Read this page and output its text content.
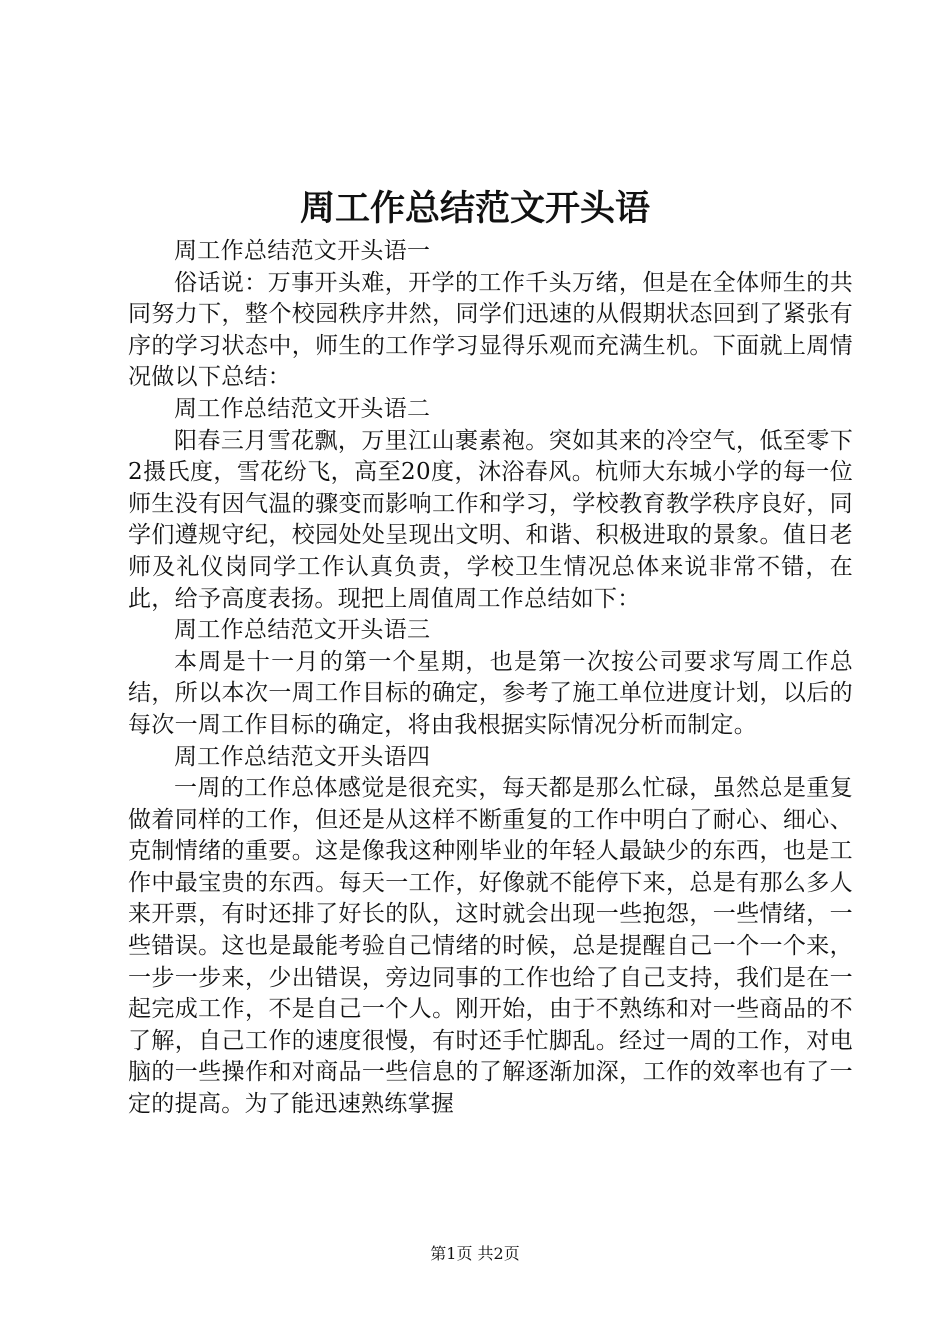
周工作总结范文开头语

周工作总结范文开头语一

俗话说：万事开头难，开学的工作千头万绪，但是在全体师生的共同努力下，整个校园秩序井然，同学们迅速的从假期状态回到了紧张有序的学习状态中，师生的工作学习显得乐观而充满生机。下面就上周情况做以下总结：

周工作总结范文开头语二

阳春三月雪花飘，万里江山裹素袍。突如其来的冷空气，低至零下2摄氏度，雪花纷飞，高至20度，沐浴春风。杭师大东城小学的每一位师生没有因气温的骤变而影响工作和学习，学校教育教学秩序良好，同学们遵规守纪，校园处处呈现出文明、和谐、积极进取的景象。值日老师及礼仪岗同学工作认真负责，学校卫生情况总体来说非常不错，在此，给予高度表扬。现把上周值周工作总结如下：

周工作总结范文开头语三

本周是十一月的第一个星期，也是第一次按公司要求写周工作总结，所以本次一周工作目标的确定，参考了施工单位进度计划，以后的每次一周工作目标的确定，将由我根据实际情况分析而制定。

周工作总结范文开头语四

一周的工作总体感觉是很充实，每天都是那么忙碌，虽然总是重复做着同样的工作，但还是从这样不断重复的工作中明白了耐心、细心、克制情绪的重要。这是像我这种刚毕业的年轻人最缺少的东西，也是工作中最宝贵的东西。每天一工作，好像就不能停下来，总是有那么多人来开票，有时还排了好长的队，这时就会出现一些抱怨，一些情绪，一些错误。这也是最能考验自己情绪的时候，总是提醒自己一个一个来，一步一步来，少出错误，旁边同事的工作也给了自己支持，我们是在一起完成工作，不是自己一个人。刚开始，由于不熟练和对一些商品的不了解，自己工作的速度很慢，有时还手忙脚乱。经过一周的工作，对电脑的一些操作和对商品一些信息的了解逐渐加深，工作的效率也有了一定的提高。为了能迅速熟练掌握

第1页 共2页
